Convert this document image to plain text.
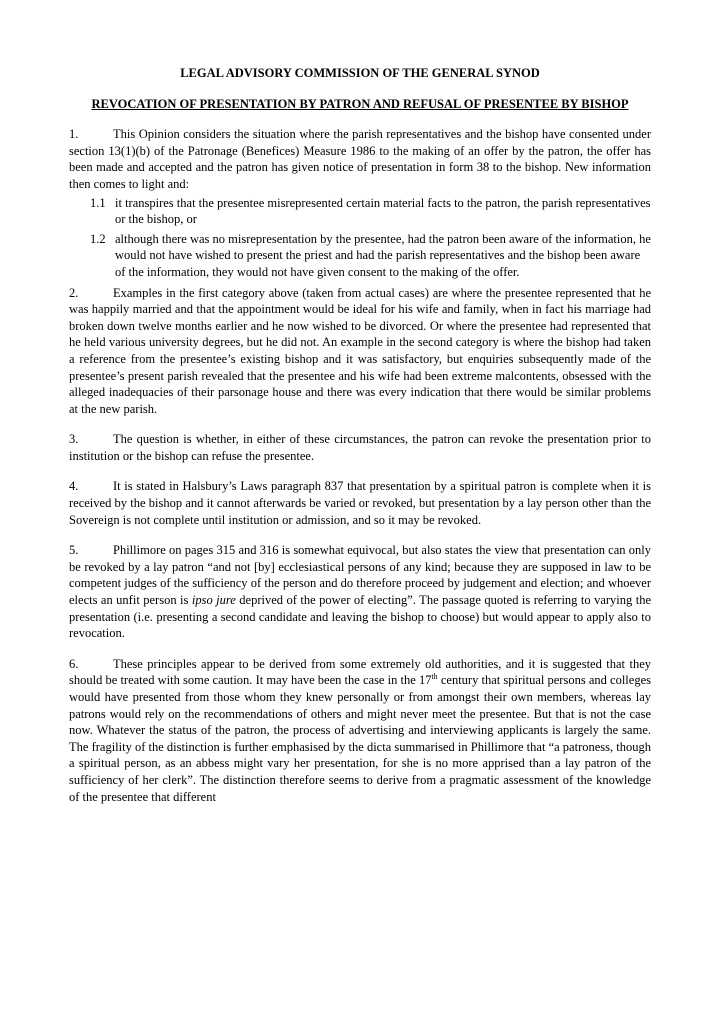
LEGAL ADVISORY COMMISSION OF THE GENERAL SYNOD
REVOCATION OF PRESENTATION BY PATRON AND REFUSAL OF PRESENTEE BY BISHOP

1.	This Opinion considers the situation where the parish representatives and the bishop have consented under section 13(1)(b) of the Patronage (Benefices) Measure 1986 to the making of an offer by the patron, the offer has been made and accepted and the patron has given notice of presentation in form 38 to the bishop. New information then comes to light and:

1.1 it transpires that the presentee misrepresented certain material facts to the patron, the parish representatives or the bishop, or
1.2 although there was no misrepresentation by the presentee, had the patron been aware of the information, he would not have wished to present the priest and had the parish representatives and the bishop been aware of the information, they would not have given consent to the making of the offer.

2.	Examples in the first category above (taken from actual cases) are where the presentee represented that he was happily married and that the appointment would be ideal for his wife and family, when in fact his marriage had broken down twelve months earlier and he now wished to be divorced. Or where the presentee had represented that he held various university degrees, but he did not. An example in the second category is where the bishop had taken a reference from the presentee’s existing bishop and it was satisfactory, but enquiries subsequently made of the presentee’s present parish revealed that the presentee and his wife had been extreme malcontents, obsessed with the alleged inadequacies of their parsonage house and there was every indication that there would be similar problems at the new parish.

3.	The question is whether, in either of these circumstances, the patron can revoke the presentation prior to institution or the bishop can refuse the presentee.

4.	It is stated in Halsbury’s Laws paragraph 837 that presentation by a spiritual patron is complete when it is received by the bishop and it cannot afterwards be varied or revoked, but presentation by a lay person other than the Sovereign is not complete until institution or admission, and so it may be revoked.

5.	Phillimore on pages 315 and 316 is somewhat equivocal, but also states the view that presentation can only be revoked by a lay patron “and not [by] ecclesiastical persons of any kind; because they are supposed in law to be competent judges of the sufficiency of the person and do therefore proceed by judgement and election; and whoever elects an unfit person is ipso jure deprived of the power of electing”. The passage quoted is referring to varying the presentation (i.e. presenting a second candidate and leaving the bishop to choose) but would appear to apply also to revocation.

6.	These principles appear to be derived from some extremely old authorities, and it is suggested that they should be treated with some caution. It may have been the case in the 17th century that spiritual persons and colleges would have presented from those whom they knew personally or from amongst their own members, whereas lay patrons would rely on the recommendations of others and might never meet the presentee. But that is not the case now. Whatever the status of the patron, the process of advertising and interviewing applicants is largely the same. The fragility of the distinction is further emphasised by the dicta summarised in Phillimore that “a patroness, though a spiritual person, as an abbess might vary her presentation, for she is no more apprised than a lay patron of the sufficiency of her clerk”. The distinction therefore seems to derive from a pragmatic assessment of the knowledge of the presentee that different
